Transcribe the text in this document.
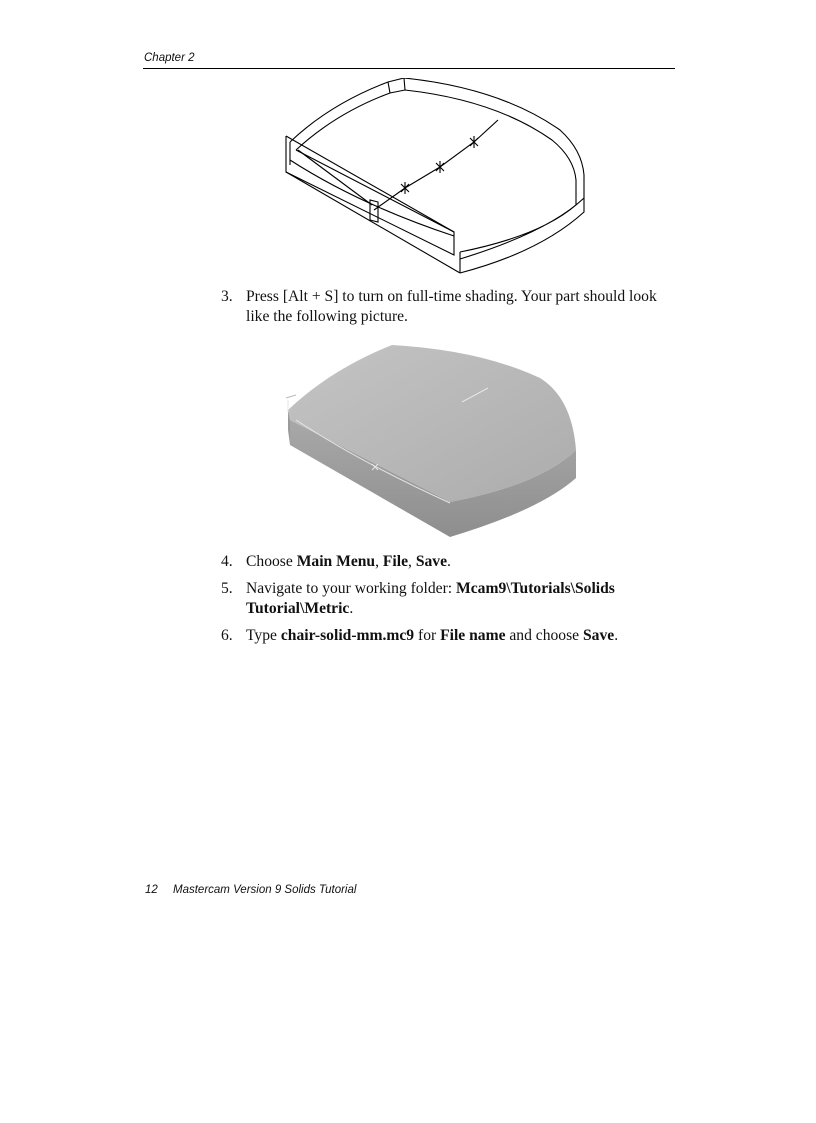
Chapter 2
3. Press [Alt + S] to turn on full-time shading. Your part should look
like the following picture.
4. Choose Main Menu, File, Save.
5. Navigate to your working folder: Mcam9\Tutorials\Solids
Tutorial\Metric.
6. Type chair-solid-mm.mc9 for File name and choose Save.
12 Mastercam Version 9 Solids Tutorial
